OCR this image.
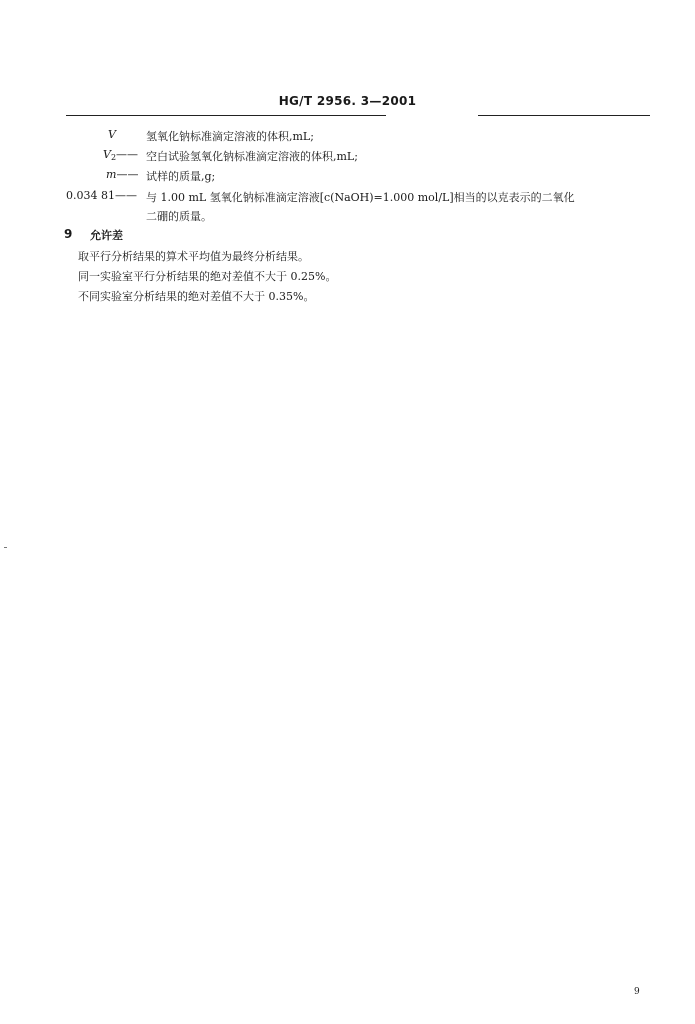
HG/T 2956. 3—2001
V	氢氧化钠标准滴定溶液的体积,mL;
$V_2——$ 空白试验氢氧化钠标准滴定溶液的体积,mL;
m—— 试样的质量,g;
0.034 81—— 与 1.00 mL 氢氧化钠标准滴定溶液[c(NaOH)=1.000 mol/L]相当的以克表示的二氧化
二硼的质量。
9 允许差
取平行分析结果的算术平均值为最终分析结果。
同一实验室平行分析结果的绝对差值不大于 0.25%。
不同实验室分析结果的绝对差值不大于 0.35%。
9
